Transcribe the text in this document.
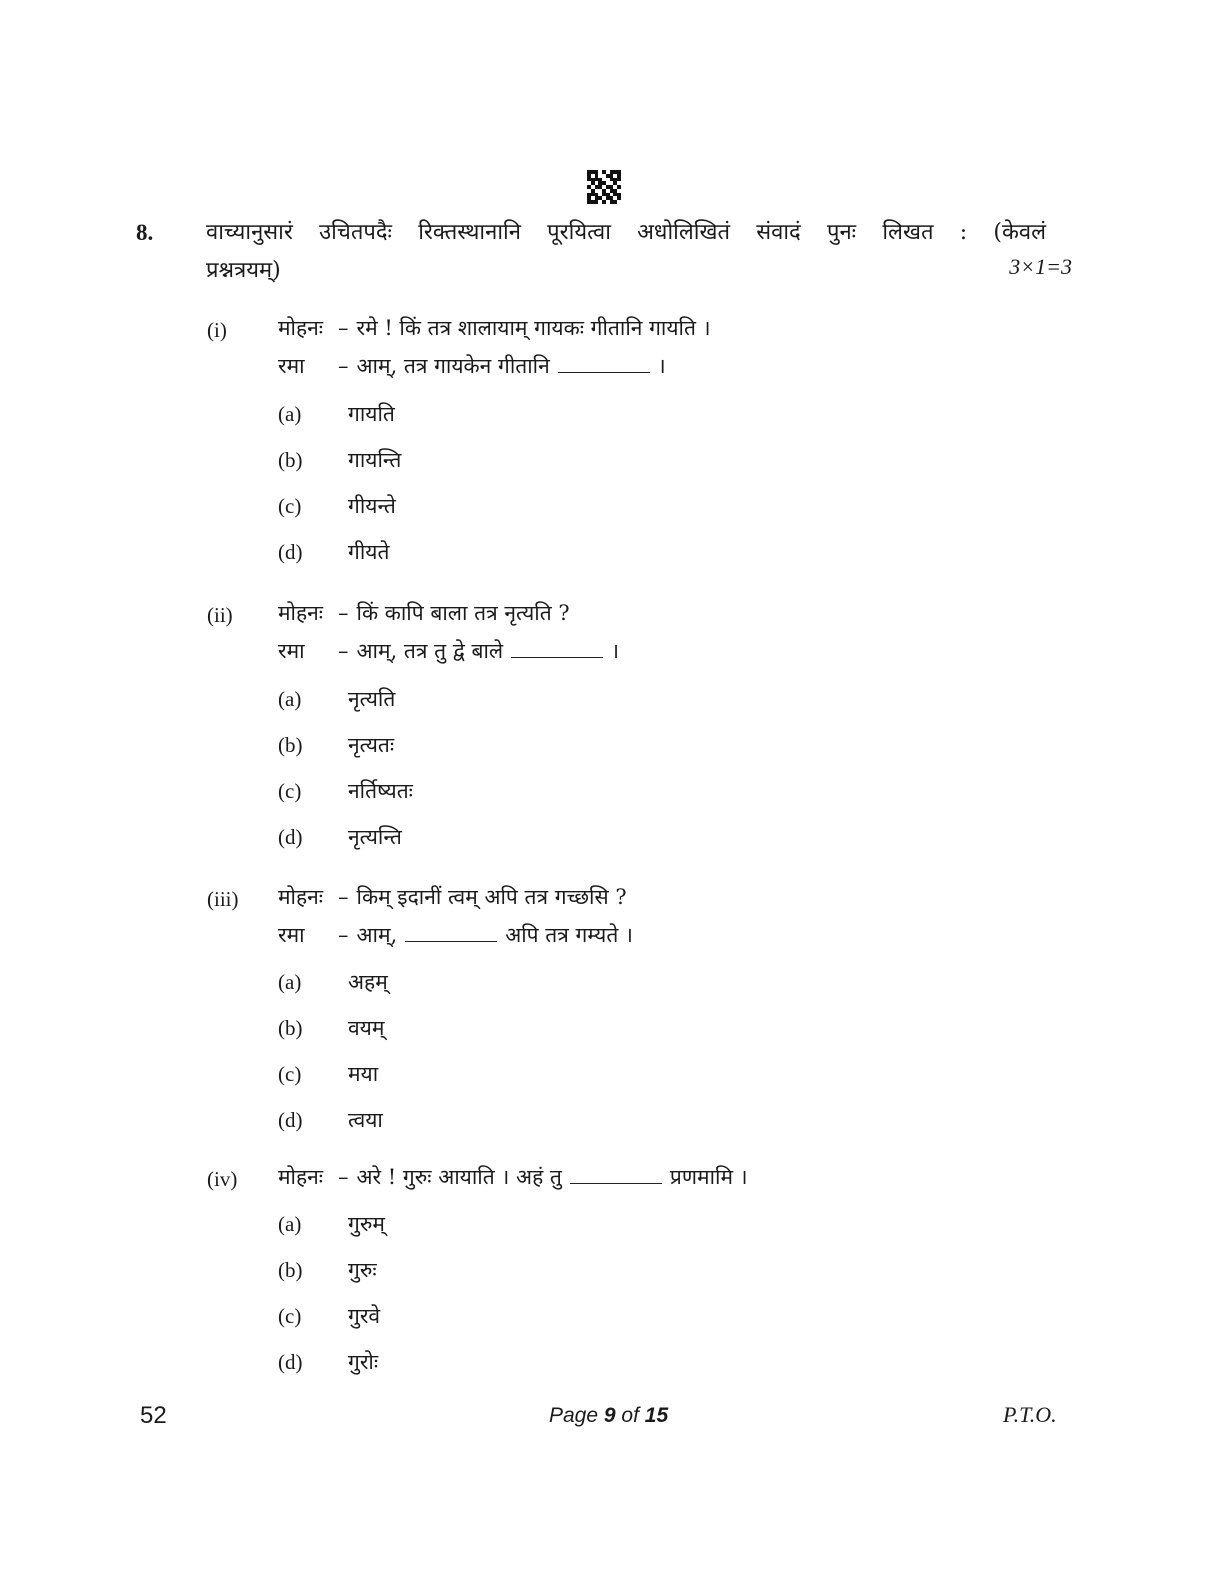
8. वाच्यानुसारं उचितपदैः रिक्तस्थानानि पूरयित्वा अधोलिखितं संवादं पुनः लिखत : (केवलं
प्रश्नत्रयम्)	3×1=3
(i) मोहनः – रमे ! किं तत्र शालायाम् गायकः गीतानि गायति ।
रमा – आम्, तत्र गायकेन गीतानि	।
(a) गायति
(b) गायन्ति
(c) गीयन्ते
(d) गीयते
(ii) मोहनः – किं कापि बाला तत्र नृत्यति ?
रमा – आम्, तत्र तु द्वे बाले	।
(a) नृत्यति
(b) नृत्यतः
(c) नर्तिष्यतः
(d) नृत्यन्ति
(iii) मोहनः – किम् इदानीं त्वम् अपि तत्र गच्छसि ?
रमा – आम्,	अपि तत्र गम्यते ।
(a) अहम्
(b) वयम्
(c) मया
(d) त्वया
(iv) मोहनः – अरे ! गुरुः आयाति । अहं तु	प्रणमामि ।
(a) गुरुम्
(b) गुरुः
(c) गुरवे
(d) गुरोः
52	Page 9 of 15	P.T.O.
